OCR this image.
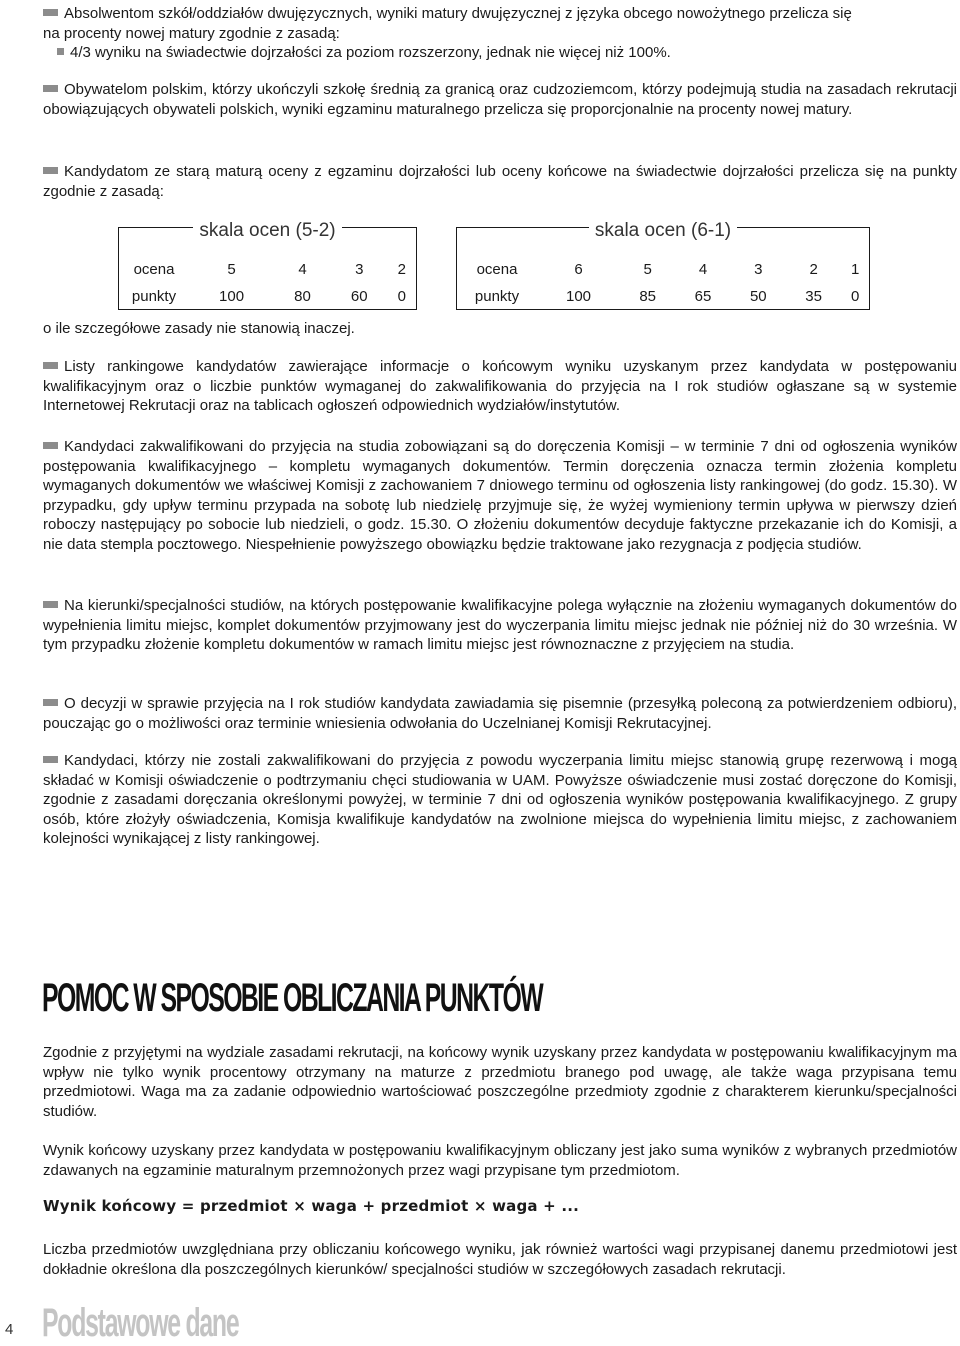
Absolwentom szkół/oddziałów dwujęzycznych, wyniki matury dwujęzycznej z języka obcego nowożytnego przelicza się
na procenty nowej matury zgodnie z zasadą:
4/3 wyniku na świadectwie dojrzałości za poziom rozszerzony, jednak nie więcej niż 100%.

Obywatelom polskim, którzy ukończyli szkołę średnią za granicą oraz cudzoziemcom, którzy podejmują studia na zasadach rekrutacji obowiązujących obywateli polskich, wyniki egzaminu maturalnego przelicza się proporcjonalnie na procenty nowej matury.

Kandydatom ze starą maturą oceny z egzaminu dojrzałości lub oceny końcowe na świadectwie dojrzałości przelicza się na punkty zgodnie z zasadą:

skala ocen (5-2)
ocena	5	4	3	2
punkty	100	80	60	0
skala ocen (6-1)
ocena	6	5	4	3	2	1
punkty	100	85	65	50	35	0
o ile szczegółowe zasady nie stanowią inaczej.

Listy rankingowe kandydatów zawierające informacje o końcowym wyniku uzyskanym przez kandydata w postępowaniu kwalifikacyjnym oraz o liczbie punktów wymaganej do zakwalifikowania do przyjęcia na I rok studiów ogłaszane są w systemie Internetowej Rekrutacji oraz na tablicach ogłoszeń odpowiednich wydziałów/instytutów.

Kandydaci zakwalifikowani do przyjęcia na studia zobowiązani są do doręczenia Komisji – w terminie 7 dni od ogłoszenia wyników postępowania kwalifikacyjnego – kompletu wymaganych dokumentów. Termin doręczenia oznacza termin złożenia kompletu wymaganych dokumentów we właściwej Komisji z zachowaniem 7 dniowego terminu od ogłoszenia listy rankingowej (do godz. 15.30). W przypadku, gdy upływ terminu przypada na sobotę lub niedzielę przyjmuje się, że wyżej wymieniony termin upływa w pierwszy dzień roboczy następujący po sobocie lub niedzieli, o godz. 15.30. O złożeniu dokumentów decyduje faktyczne przekazanie ich do Komisji, a nie data stempla pocztowego. Niespełnienie powyższego obowiązku będzie traktowane jako rezygnacja z podjęcia studiów.

Na kierunki/specjalności studiów, na których postępowanie kwalifikacyjne polega wyłącznie na złożeniu wymaganych dokumentów do wypełnienia limitu miejsc, komplet dokumentów przyjmowany jest do wyczerpania limitu miejsc jednak nie później niż do 30 września. W tym przypadku złożenie kompletu dokumentów w ramach limitu miejsc jest równoznaczne z przyjęciem na studia.

O decyzji w sprawie przyjęcia na I rok studiów kandydata zawiadamia się pisemnie (przesyłką poleconą za potwierdzeniem odbioru), pouczając go o możliwości oraz terminie wniesienia odwołania do Uczelnianej Komisji Rekrutacyjnej.

Kandydaci, którzy nie zostali zakwalifikowani do przyjęcia z powodu wyczerpania limitu miejsc stanowią grupę rezerwową i mogą składać w Komisji oświadczenie o podtrzymaniu chęci studiowania w UAM. Powyższe oświadczenie musi zostać doręczone do Komisji, zgodnie z zasadami doręczania określonymi powyżej, w terminie 7 dni od ogłoszenia wyników postępowania kwalifikacyjnego. Z grupy osób, które złożyły oświadczenia, Komisja kwalifikuje kandydatów na zwolnione miejsca do wypełnienia limitu miejsc, z zachowaniem kolejności wynikającej z listy rankingowej.

POMOC W SPOSOBIE OBLICZANIA PUNKTÓW

Zgodnie z przyjętymi na wydziale zasadami rekrutacji, na końcowy wynik uzyskany przez kandydata w postępowaniu kwalifikacyjnym ma wpływ nie tylko wynik procentowy otrzymany na maturze z przedmiotu branego pod uwagę, ale także waga przypisana temu przedmiotowi. Waga ma za zadanie odpowiednio wartościować poszczególne przedmioty zgodnie z charakterem kierunku/specjalności studiów.

Wynik końcowy uzyskany przez kandydata w postępowaniu kwalifikacyjnym obliczany jest jako suma wyników z wybranych przedmiotów zdawanych na egzaminie maturalnym przemnożonych przez wagi przypisane tym przedmiotom.

Wynik końcowy = przedmiot × waga + przedmiot × waga + ...

Liczba przedmiotów uwzględniana przy obliczaniu końcowego wyniku, jak również wartości wagi przypisanej danemu przedmiotowi jest dokładnie określona dla poszczególnych kierunków/ specjalności studiów w szczegółowych zasadach rekrutacji.

4 Podstawowe dane
